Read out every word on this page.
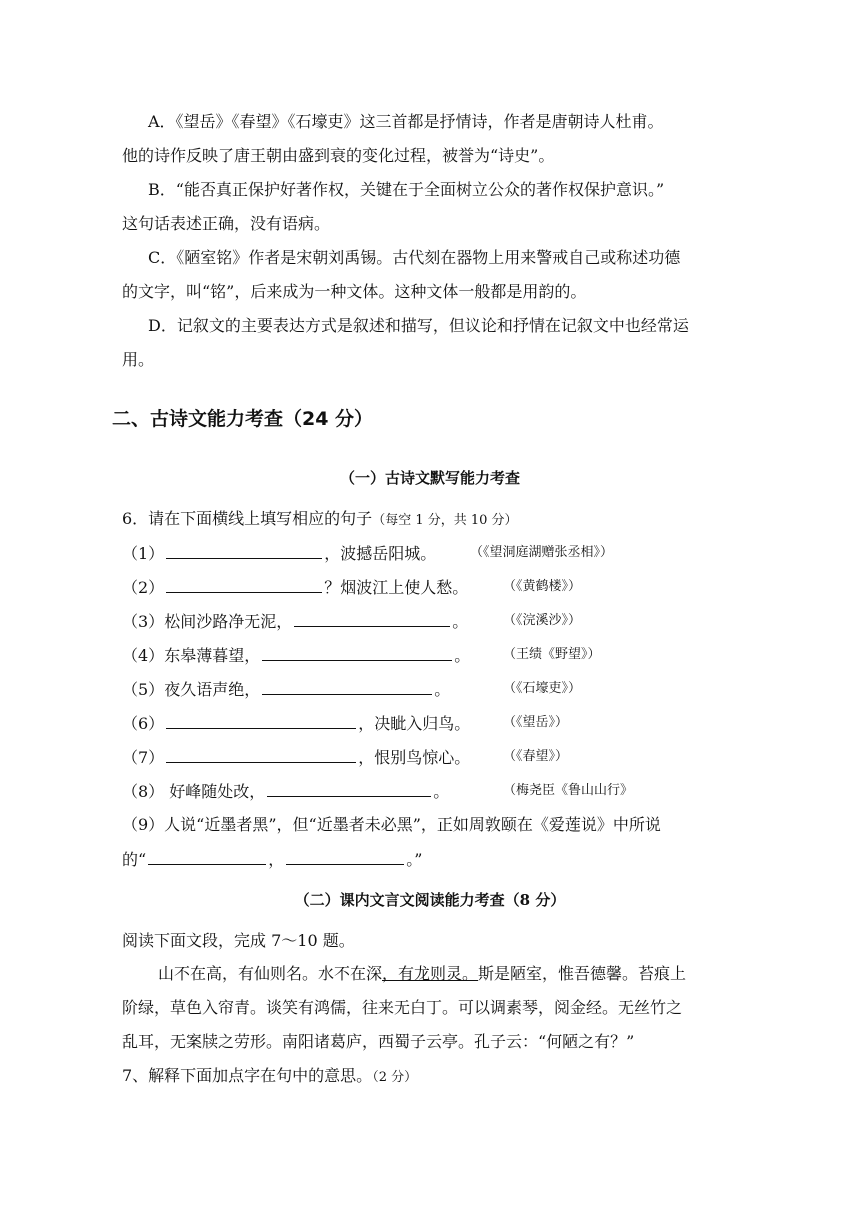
A．《望岳》《春望》《石壕吏》这三首都是抒情诗，作者是唐朝诗人杜甫。
他的诗作反映了唐王朝由盛到衰的变化过程，被誉为“诗史”。
B．“能否真正保护好著作权，关键在于全面树立公众的著作权保护意识。”
这句话表述正确，没有语病。
C．《陋室铭》作者是宋朝刘禹锡。古代刻在器物上用来警戒自己或称述功德
的文字，叫“铭”，后来成为一种文体。这种文体一般都是用韵的。
D．记叙文的主要表达方式是叙述和描写，但议论和抒情在记叙文中也经常运
用。
二、古诗文能力考查（24 分）
（一）古诗文默写能力考查
6．请在下面横线上填写相应的句子（每空 1 分，共 10 分）
（1）	，波撼岳阳城。	（《望洞庭湖赠张丞相》）
（2）	？烟波江上使人愁。	（《黄鹤楼》）
（3）松间沙路净无泥，	。	（《浣溪沙》）
（4）东皋薄暮望，	。	（王绩《野望》）
（5）夜久语声绝，	。	（《石壕吏》）
（6）	，决眦入归鸟。	（《望岳》）
（7）	，恨别鸟惊心。	（《春望》）
（8） 好峰随处改，	。	（梅尧臣《鲁山山行》
（9）人说“近墨者黑”，但“近墨者未必黑”，正如周敦颐在《爱莲说》中所说
的“	，	。”
（二）课内文言文阅读能力考查（8 分）
阅读下面文段，完成 7～10 题。
山不在高，有仙则名。水不在深，有龙则灵。斯是陋室，惟吾德馨。苔痕上
阶绿，草色入帘青。谈笑有鸿儒，往来无白丁。可以调素琴，阅金经。无丝竹之
乱耳，无案牍之劳形。南阳诸葛庐，西蜀子云亭。孔子云：“何陋之有？”
7、解释下面加点字在句中的意思。（2 分）
